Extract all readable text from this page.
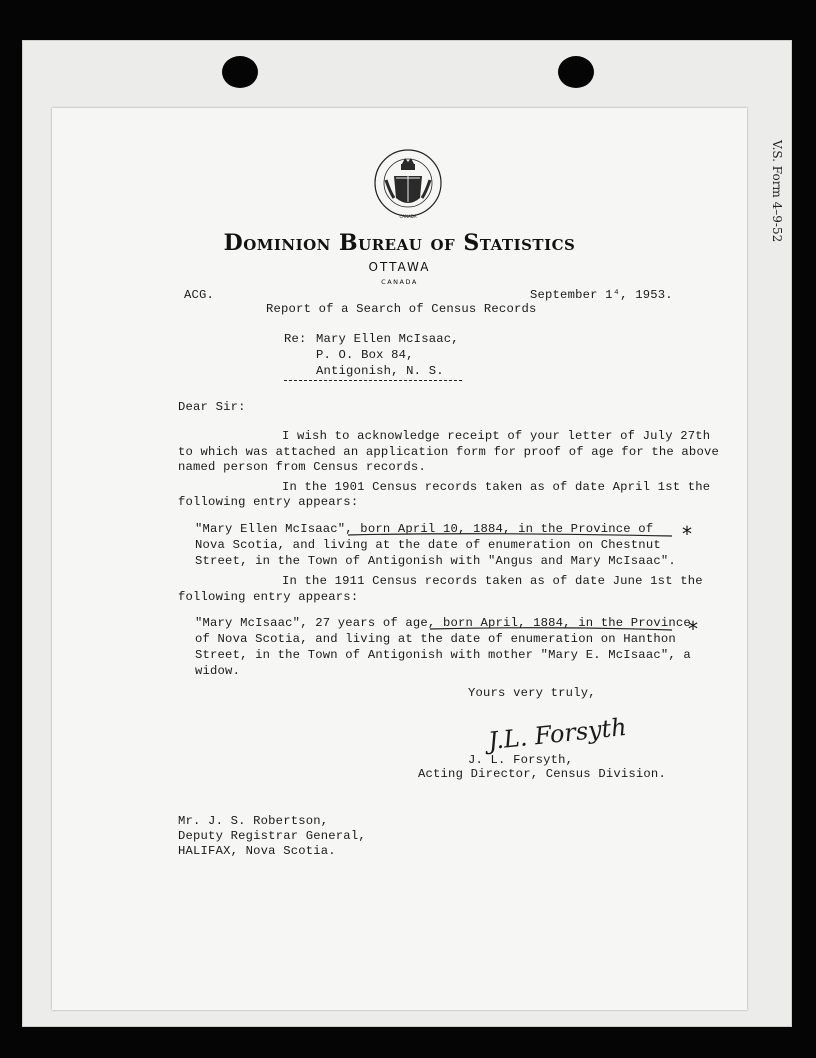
V.S. Form 4–9-52

CANADA
Dominion Bureau of Statistics
OTTAWA
CANADA
ACG.	September 1⁴, 1953.
Report of a Search of Census Records
Re: Mary Ellen McIsaac,
P. O. Box 84,
Antigonish, N. S.
Dear Sir:
I wish to acknowledge receipt of your letter of July 27th
to which was attached an application form for proof of age for the above
named person from Census records.
In the 1901 Census records taken as of date April 1st the
following entry appears:
"Mary Ellen McIsaac", born April 10, 1884, in the Province of
Nova Scotia, and living at the date of enumeration on Chestnut
Street, in the Town of Antigonish with "Angus and Mary McIsaac".
In the 1911 Census records taken as of date June 1st the
following entry appears:
"Mary McIsaac", 27 years of age, born April, 1884, in the Province
of Nova Scotia, and living at the date of enumeration on Hanthon
Street, in the Town of Antigonish with mother "Mary E. McIsaac", a
widow.
*
*
Yours very truly,
J.L. Forsyth
J. L. Forsyth,
Acting Director, Census Division.
Mr. J. S. Robertson,
Deputy Registrar General,
HALIFAX, Nova Scotia.
